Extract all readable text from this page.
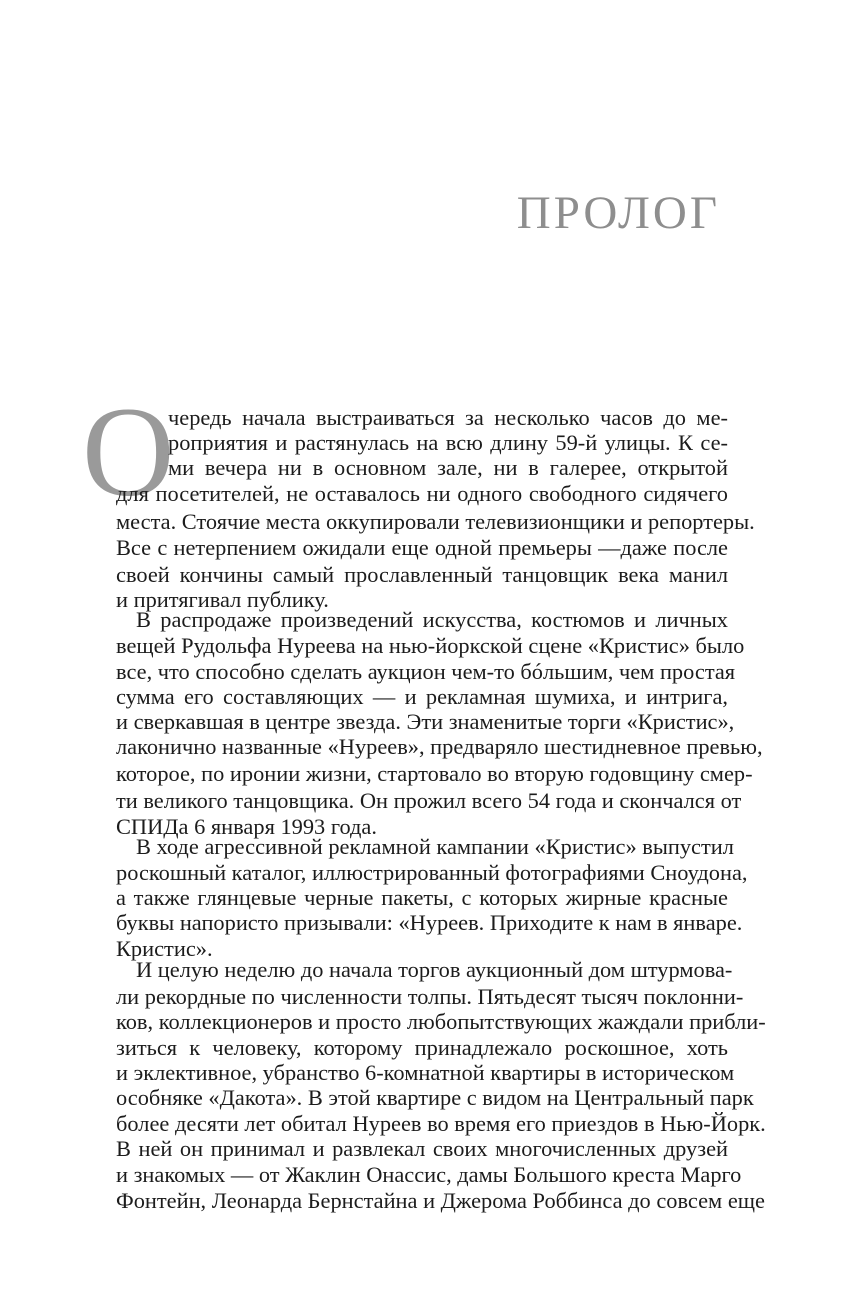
ПРОЛОГ
О
чередь начала выстраиваться за несколько часов до ме-
роприятия и растянулась на всю длину 59-й улицы. К се-
ми вечера ни в основном зале, ни в галерее, открытой
для посетителей, не оставалось ни одного свободного сидячего
места. Стоячие места оккупировали телевизионщики и репортеры.
Все с нетерпением ожидали еще одной премьеры —даже после
своей кончины самый прославленный танцовщик века манил
и притягивал публику.
В распродаже произведений искусства, костюмов и личных
вещей Рудольфа Нуреева на нью-йоркской сцене «Кристис» было
все, что способно сделать аукцион чем-то бóльшим, чем простая
сумма его составляющих — и рекламная шумиха, и интрига,
и сверкавшая в центре звезда. Эти знаменитые торги «Кристис»,
лаконично названные «Нуреев», предваряло шестидневное превью,
которое, по иронии жизни, стартовало во вторую годовщину смер-
ти великого танцовщика. Он прожил всего 54 года и скончался от
СПИДа 6 января 1993 года.
В ходе агрессивной рекламной кампании «Кристис» выпустил
роскошный каталог, иллюстрированный фотографиями Сноудона,
а также глянцевые черные пакеты, с которых жирные красные
буквы напористо призывали: «Нуреев. Приходите к нам в январе.
Кристис».
И целую неделю до начала торгов аукционный дом штурмова-
ли рекордные по численности толпы. Пятьдесят тысяч поклонни-
ков, коллекционеров и просто любопытствующих жаждали прибли-
зиться к человеку, которому принадлежало роскошное, хоть
и эклективное, убранство 6-комнатной квартиры в историческом
особняке «Дакота». В этой квартире с видом на Центральный парк
более десяти лет обитал Нуреев во время его приездов в Нью-Йорк.
В ней он принимал и развлекал своих многочисленных друзей
и знакомых — от Жаклин Онассис, дамы Большого креста Марго
Фонтейн, Леонарда Бернстайна и Джерома Роббинса до совсем еще
